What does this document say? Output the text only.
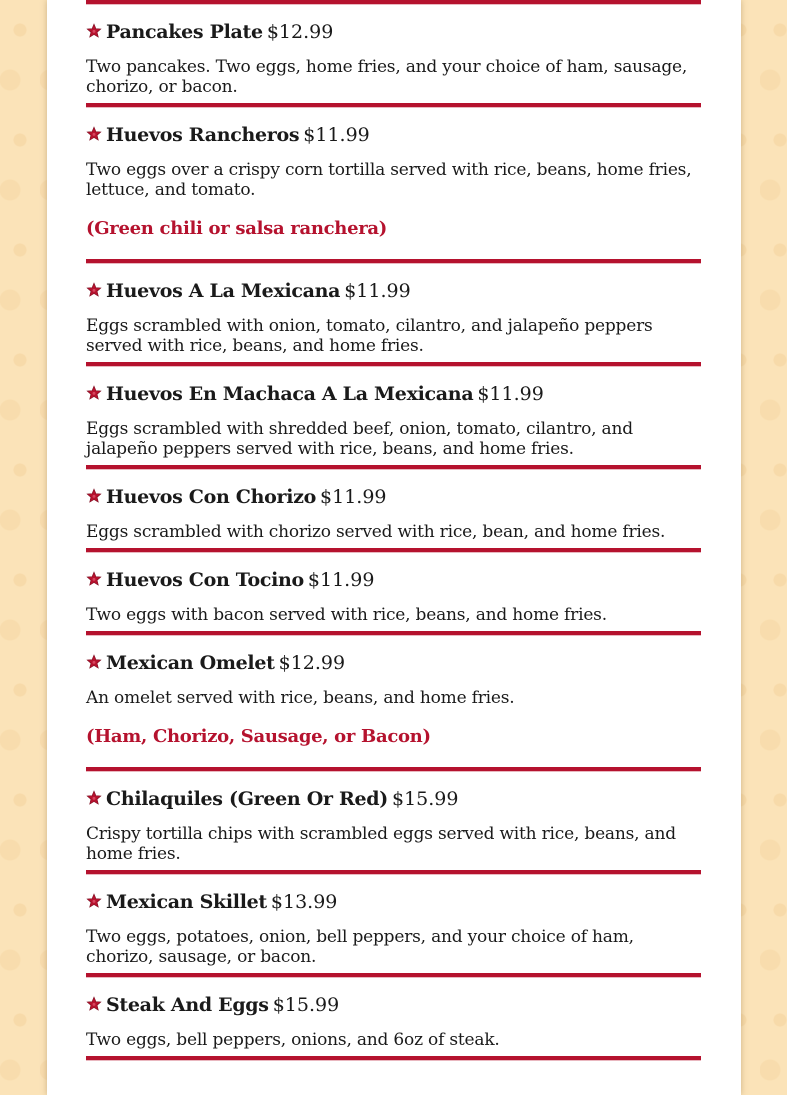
Pancakes Plate $12.99
Two pancakes. Two eggs, home fries, and your choice of ham, sausage, chorizo, or bacon.
Huevos Rancheros $11.99
Two eggs over a crispy corn tortilla served with rice, beans, home fries, lettuce, and tomato.
(Green chili or salsa ranchera)
Huevos A La Mexicana $11.99
Eggs scrambled with onion, tomato, cilantro, and jalapeño peppers served with rice, beans, and home fries.
Huevos En Machaca A La Mexicana $11.99
Eggs scrambled with shredded beef, onion, tomato, cilantro, and jalapeño peppers served with rice, beans, and home fries.
Huevos Con Chorizo $11.99
Eggs scrambled with chorizo served with rice, bean, and home fries.
Huevos Con Tocino $11.99
Two eggs with bacon served with rice, beans, and home fries.
Mexican Omelet $12.99
An omelet served with rice, beans, and home fries.
(Ham, Chorizo, Sausage, or Bacon)
Chilaquiles (Green Or Red) $15.99
Crispy tortilla chips with scrambled eggs served with rice, beans, and home fries.
Mexican Skillet $13.99
Two eggs, potatoes, onion, bell peppers, and your choice of ham, chorizo, sausage, or bacon.
Steak And Eggs $15.99
Two eggs, bell peppers, onions, and 6oz of steak.
